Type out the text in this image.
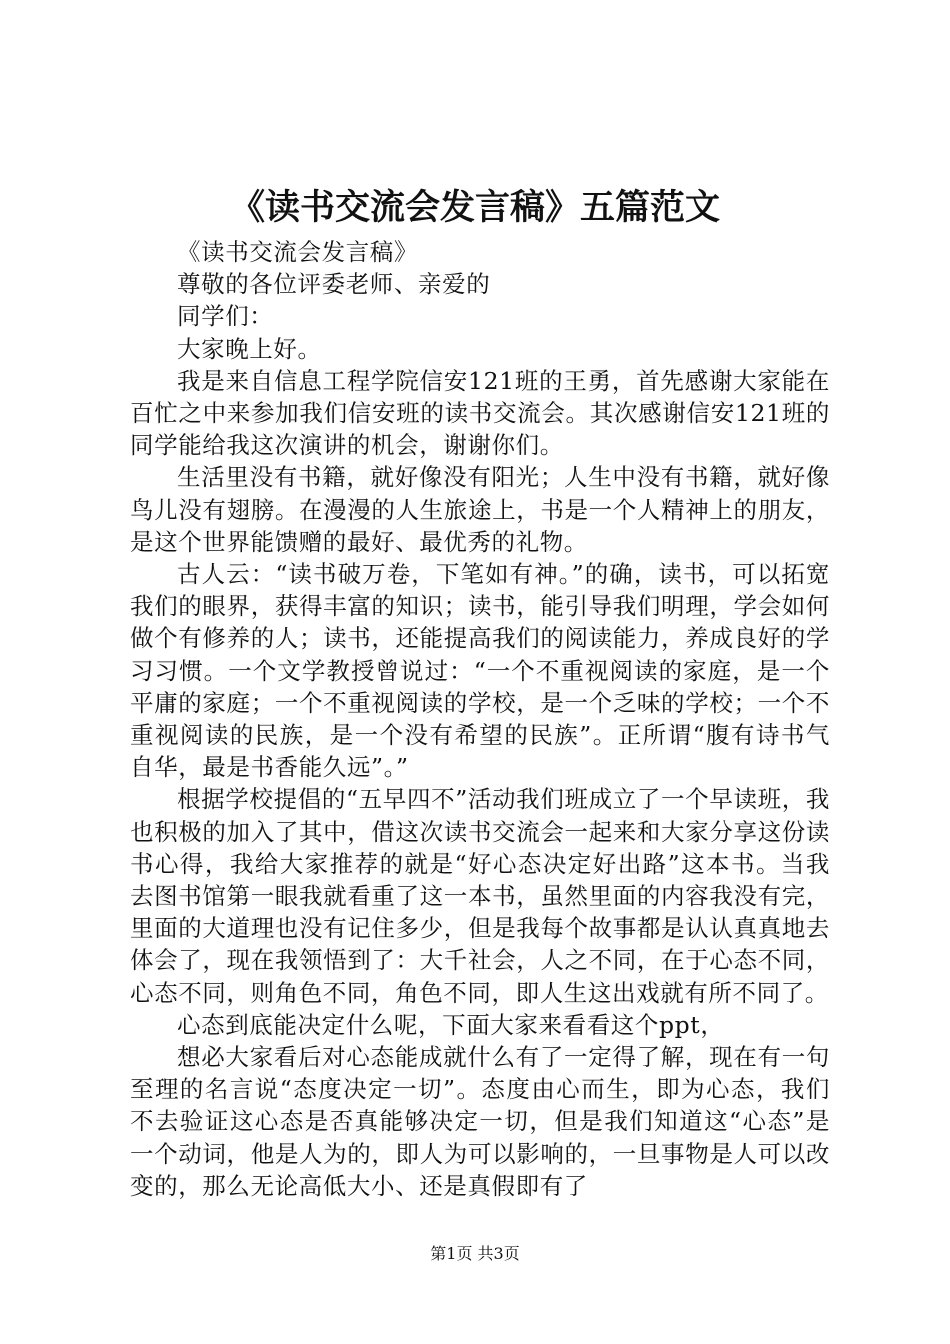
《读书交流会发言稿》五篇范文

《读书交流会发言稿》

尊敬的各位评委老师、亲爱的

同学们：

大家晚上好。

我是来自信息工程学院信安121班的王勇，首先感谢大家能在百忙之中来参加我们信安班的读书交流会。其次感谢信安121班的同学能给我这次演讲的机会，谢谢你们。

生活里没有书籍，就好像没有阳光；人生中没有书籍，就好像鸟儿没有翅膀。在漫漫的人生旅途上，书是一个人精神上的朋友，是这个世界能馈赠的最好、最优秀的礼物。

古人云：“读书破万卷，下笔如有神。”的确，读书，可以拓宽我们的眼界，获得丰富的知识；读书，能引导我们明理，学会如何做个有修养的人；读书，还能提高我们的阅读能力，养成良好的学习习惯。一个文学教授曾说过：“一个不重视阅读的家庭，是一个平庸的家庭；一个不重视阅读的学校，是一个乏味的学校；一个不重视阅读的民族，是一个没有希望的民族”。正所谓“腹有诗书气自华，最是书香能久远”。”

根据学校提倡的“五早四不”活动我们班成立了一个早读班，我也积极的加入了其中，借这次读书交流会一起来和大家分享这份读书心得，我给大家推荐的就是“好心态决定好出路”这本书。当我去图书馆第一眼我就看重了这一本书，虽然里面的内容我没有完，里面的大道理也没有记住多少，但是我每个故事都是认认真真地去体会了，现在我领悟到了：大千社会，人之不同，在于心态不同，心态不同，则角色不同，角色不同，即人生这出戏就有所不同了。

心态到底能决定什么呢，下面大家来看看这个ppt，

想必大家看后对心态能成就什么有了一定得了解，现在有一句至理的名言说“态度决定一切”。态度由心而生，即为心态，我们不去验证这心态是否真能够决定一切，但是我们知道这“心态”是一个动词，他是人为的，即人为可以影响的，一旦事物是人可以改变的，那么无论高低大小、还是真假即有了

第1页 共3页
